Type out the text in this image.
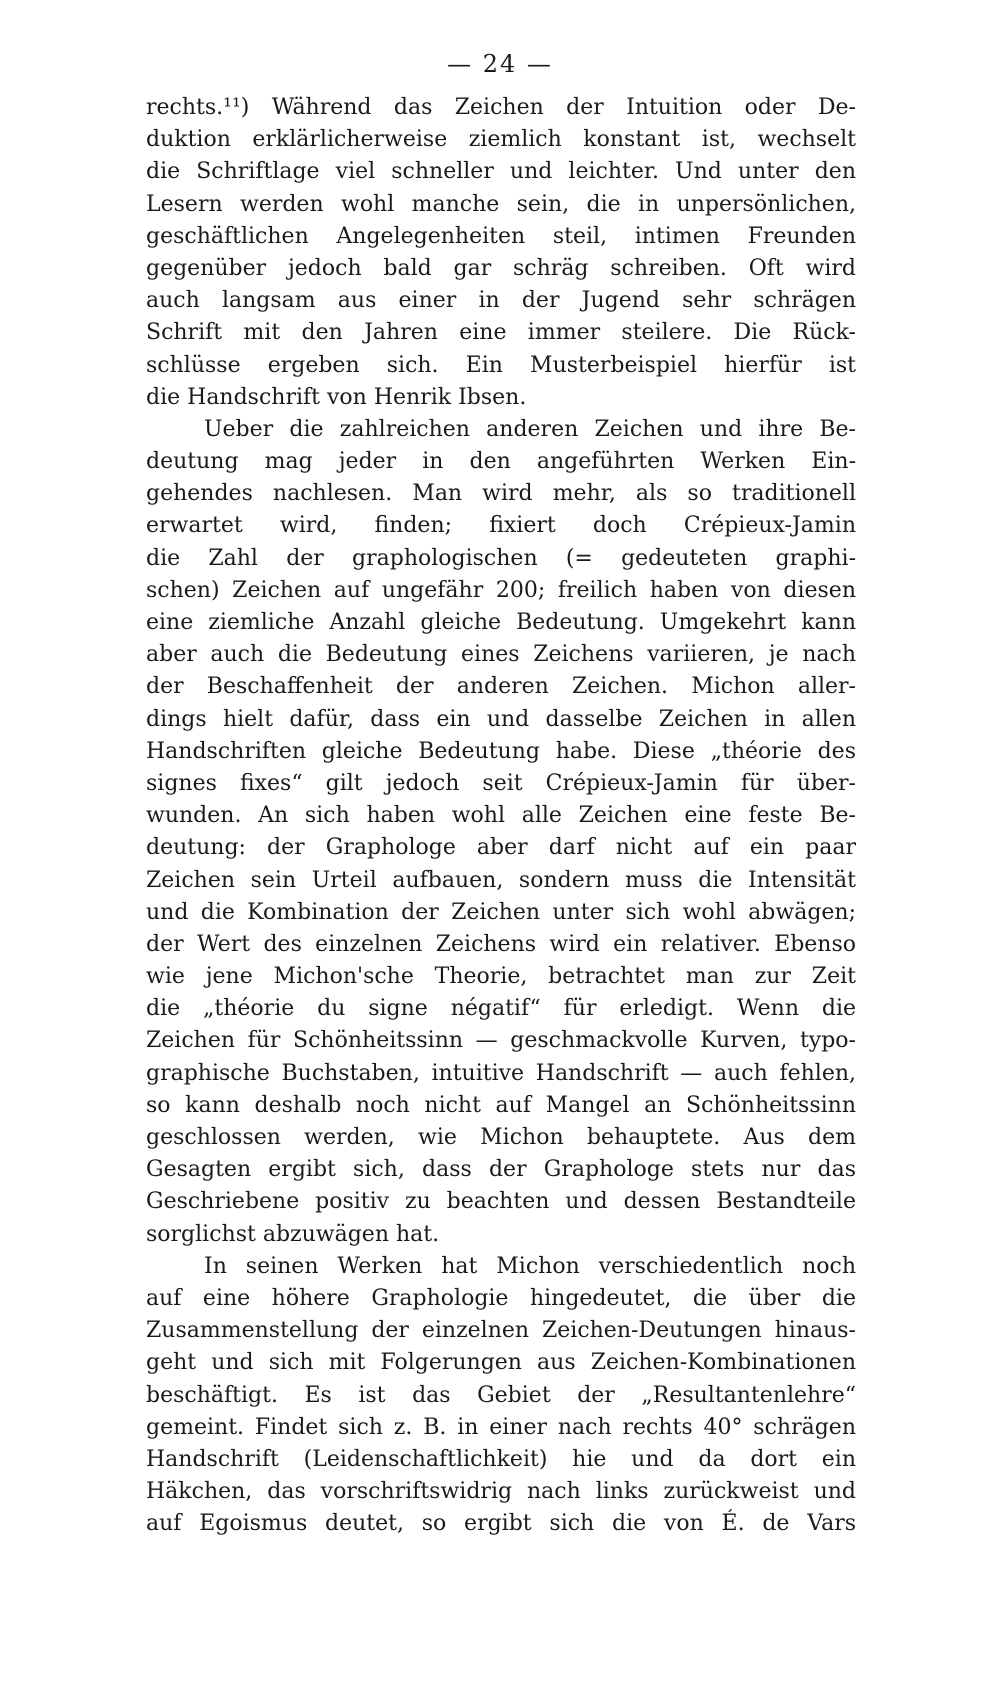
— 24 —
rechts.¹¹) Während das Zeichen der Intuition oder De-
duktion erklärlicherweise ziemlich konstant ist, wechselt
die Schriftlage viel schneller und leichter. Und unter den
Lesern werden wohl manche sein, die in unpersönlichen,
geschäftlichen Angelegenheiten steil, intimen Freunden
gegenüber jedoch bald gar schräg schreiben. Oft wird
auch langsam aus einer in der Jugend sehr schrägen
Schrift mit den Jahren eine immer steilere. Die Rück-
schlüsse ergeben sich. Ein Musterbeispiel hierfür ist
die Handschrift von Henrik Ibsen.
Ueber die zahlreichen anderen Zeichen und ihre Be-
deutung mag jeder in den angeführten Werken Ein-
gehendes nachlesen. Man wird mehr, als so traditionell
erwartet wird, finden; fixiert doch Crépieux-Jamin
die Zahl der graphologischen (= gedeuteten graphi-
schen) Zeichen auf ungefähr 200; freilich haben von diesen
eine ziemliche Anzahl gleiche Bedeutung. Umgekehrt kann
aber auch die Bedeutung eines Zeichens variieren, je nach
der Beschaffenheit der anderen Zeichen. Michon aller-
dings hielt dafür, dass ein und dasselbe Zeichen in allen
Handschriften gleiche Bedeutung habe. Diese „théorie des
signes fixes“ gilt jedoch seit Crépieux-Jamin für über-
wunden. An sich haben wohl alle Zeichen eine feste Be-
deutung: der Graphologe aber darf nicht auf ein paar
Zeichen sein Urteil aufbauen, sondern muss die Intensität
und die Kombination der Zeichen unter sich wohl abwägen;
der Wert des einzelnen Zeichens wird ein relativer. Ebenso
wie jene Michon'sche Theorie, betrachtet man zur Zeit
die „théorie du signe négatif“ für erledigt. Wenn die
Zeichen für Schönheitssinn — geschmackvolle Kurven, typo-
graphische Buchstaben, intuitive Handschrift — auch fehlen,
so kann deshalb noch nicht auf Mangel an Schönheitssinn
geschlossen werden, wie Michon behauptete. Aus dem
Gesagten ergibt sich, dass der Graphologe stets nur das
Geschriebene positiv zu beachten und dessen Bestandteile
sorglichst abzuwägen hat.
In seinen Werken hat Michon verschiedentlich noch
auf eine höhere Graphologie hingedeutet, die über die
Zusammenstellung der einzelnen Zeichen-Deutungen hinaus-
geht und sich mit Folgerungen aus Zeichen-Kombinationen
beschäftigt. Es ist das Gebiet der „Resultantenlehre“
gemeint. Findet sich z. B. in einer nach rechts 40° schrägen
Handschrift (Leidenschaftlichkeit) hie und da dort ein
Häkchen, das vorschriftswidrig nach links zurückweist und
auf Egoismus deutet, so ergibt sich die von É. de Vars
